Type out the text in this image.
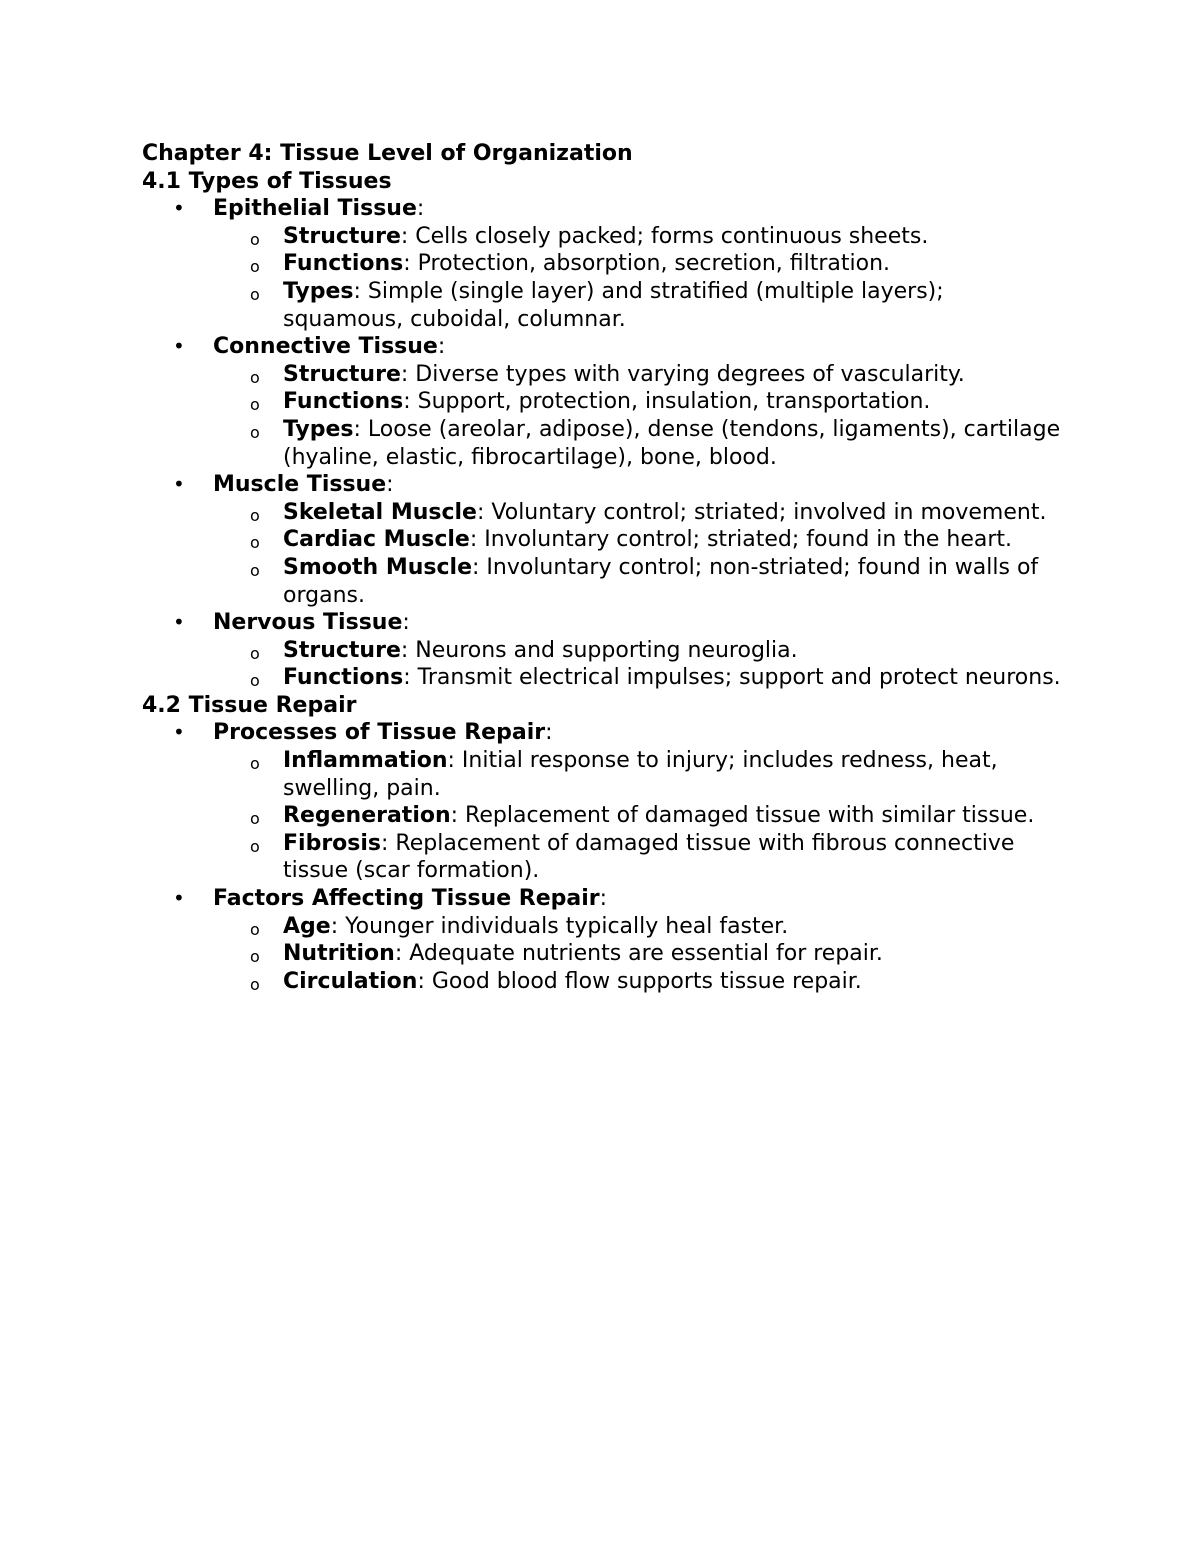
Chapter 4: Tissue Level of Organization

4.1 Types of Tissues

• Epithelial Tissue:
o Structure: Cells closely packed; forms continuous sheets.
o Functions: Protection, absorption, secretion, filtration.
o Types: Simple (single layer) and stratified (multiple layers); squamous, cuboidal, columnar.
• Connective Tissue:
o Structure: Diverse types with varying degrees of vascularity.
o Functions: Support, protection, insulation, transportation.
o Types: Loose (areolar, adipose), dense (tendons, ligaments), cartilage (hyaline, elastic, fibrocartilage), bone, blood.
• Muscle Tissue:
o Skeletal Muscle: Voluntary control; striated; involved in movement.
o Cardiac Muscle: Involuntary control; striated; found in the heart.
o Smooth Muscle: Involuntary control; non-striated; found in walls of organs.
• Nervous Tissue:
o Structure: Neurons and supporting neuroglia.
o Functions: Transmit electrical impulses; support and protect neurons.

4.2 Tissue Repair

• Processes of Tissue Repair:
o Inflammation: Initial response to injury; includes redness, heat, swelling, pain.
o Regeneration: Replacement of damaged tissue with similar tissue.
o Fibrosis: Replacement of damaged tissue with fibrous connective tissue (scar formation).
• Factors Affecting Tissue Repair:
o Age: Younger individuals typically heal faster.
o Nutrition: Adequate nutrients are essential for repair.
o Circulation: Good blood flow supports tissue repair.
